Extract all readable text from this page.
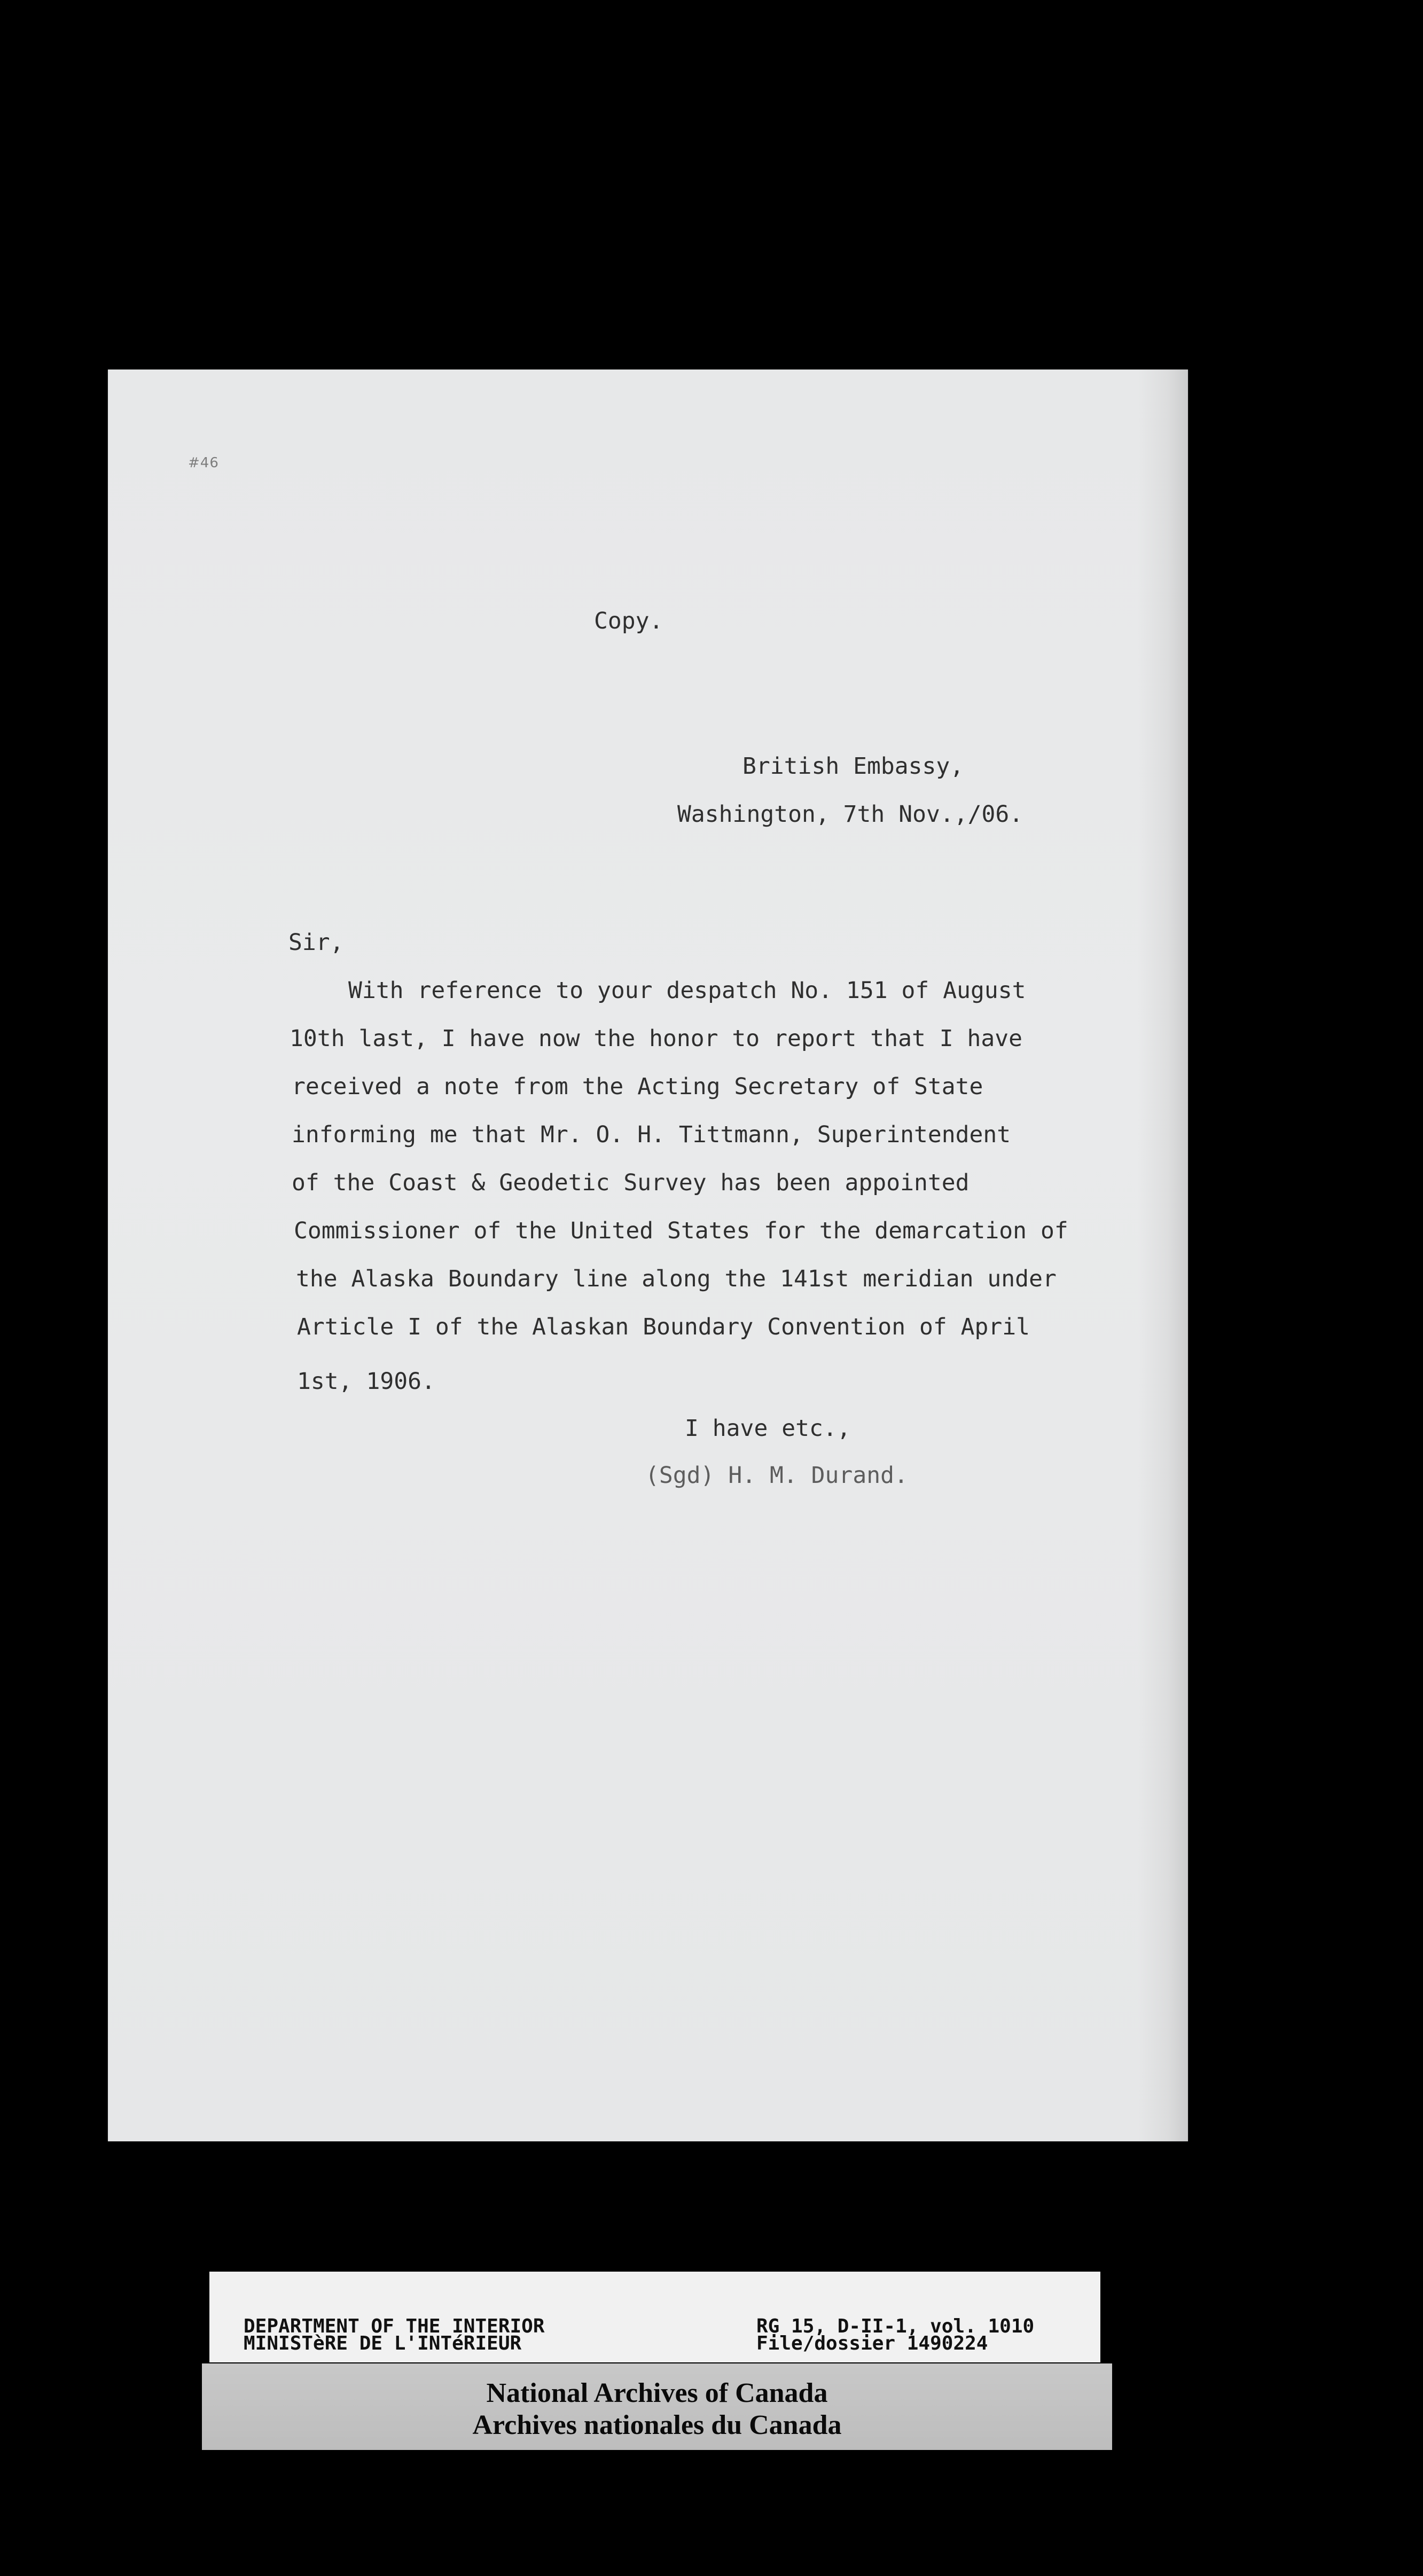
#46
Copy.
British Embassy,
Washington, 7th Nov.,/06.
Sir,
With reference to your despatch No. 151 of August
10th last, I have now the honor to report that I have
received a note from the Acting Secretary of State
informing me that Mr. O. H. Tittmann, Superintendent
of the Coast & Geodetic Survey has been appointed
Commissioner of the United States for the demarcation of
the Alaska Boundary line along the 141st meridian under
Article I of the Alaskan Boundary Convention of April
1st, 1906.
I have etc.,
(Sgd) H. M. Durand.
DEPARTMENT OF THE INTERIOR
MINISTèRE DE L'INTéRIEUR
RG 15, D-II-1, vol. 1010
File/dossier 1490224
National Archives of Canada
Archives nationales du Canada
